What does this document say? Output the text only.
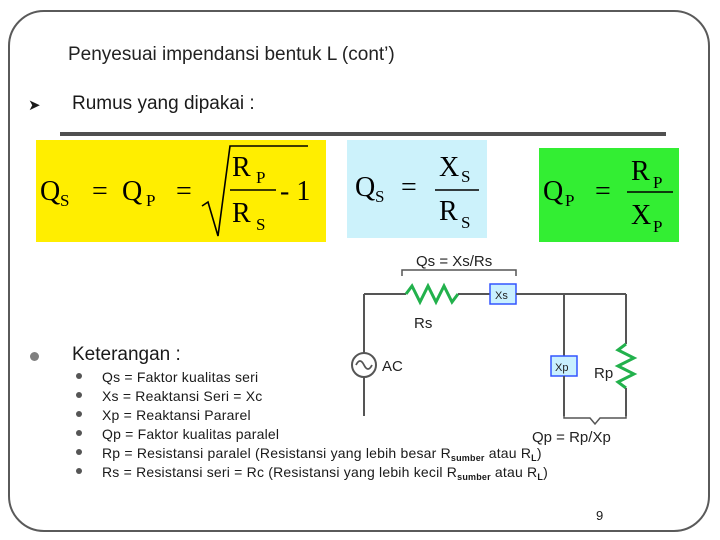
Penyesuai impendansi bentuk L (cont’)
➤ Rumus yang dipakai :
Q S = Q P =
R P
R S
- 1 Q S =
X S
R S
Q P =
R P
X P
Qs = Xs/Rs
Rs
Xs
Xp Rp
AC
Qp = Rp/Xp
Keterangan :
Qs = Faktor kualitas seri
Xs = Reaktansi Seri = Xc
Xp = Reaktansi Pararel
Qp = Faktor kualitas paralel
Rp = Resistansi paralel (Resistansi yang lebih besar $R_{sumber}$ atau $R_L$)
Rs = Resistansi seri = Rc (Resistansi yang lebih kecil $R_{sumber}$ atau $R_L$)
9
